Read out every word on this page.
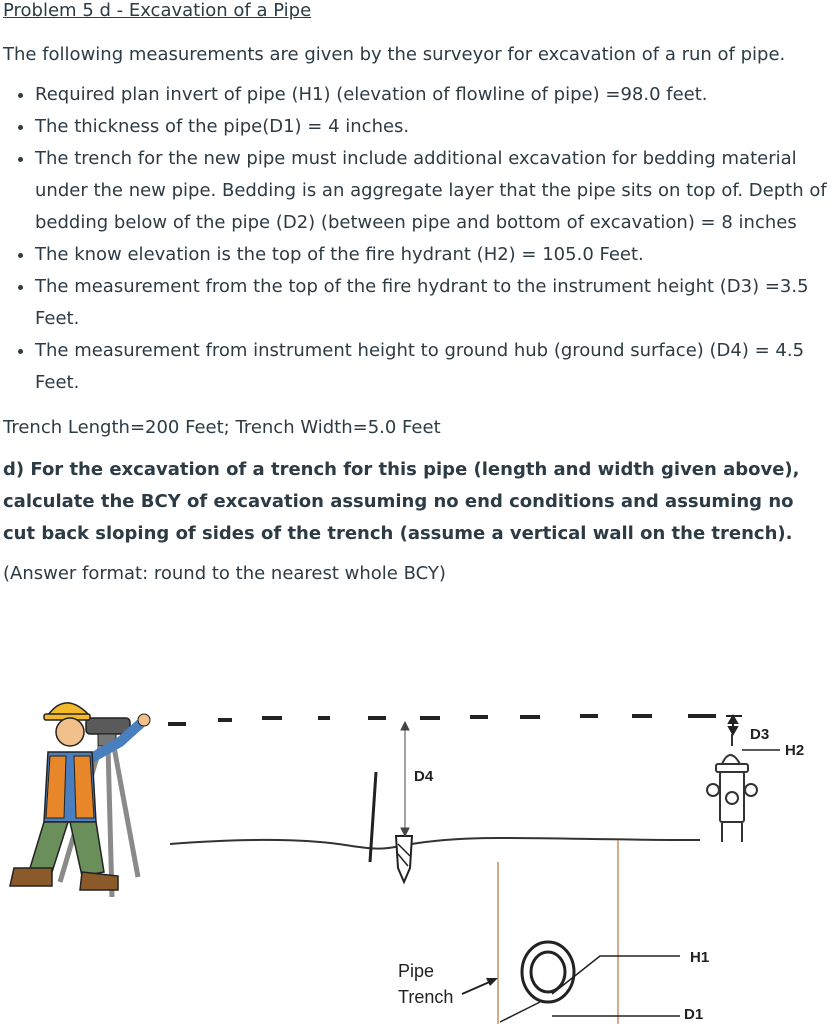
Problem 5 d - Excavation of a Pipe

The following measurements are given by the surveyor for excavation of a run of pipe.

• Required plan invert of pipe (H1) (elevation of flowline of pipe) =98.0 feet.
• The thickness of the pipe(D1) = 4 inches.
• The trench for the new pipe must include additional excavation for bedding material under the new pipe. Bedding is an aggregate layer that the pipe sits on top of. Depth of bedding below of the pipe (D2) (between pipe and bottom of excavation) = 8 inches
• The know elevation is the top of the fire hydrant (H2) = 105.0 Feet.
• The measurement from the top of the fire hydrant to the instrument height (D3) =3.5 Feet.
• The measurement from instrument height to ground hub (ground surface) (D4) = 4.5 Feet.

Trench Length=200 Feet; Trench Width=5.0 Feet

d) For the excavation of a trench for this pipe (length and width given above), calculate the BCY of excavation assuming no end conditions and assuming no cut back sloping of sides of the trench (assume a vertical wall on the trench).

(Answer format: round to the nearest whole BCY)

D4
D3
H2
H1
D1
Pipe
Trench
